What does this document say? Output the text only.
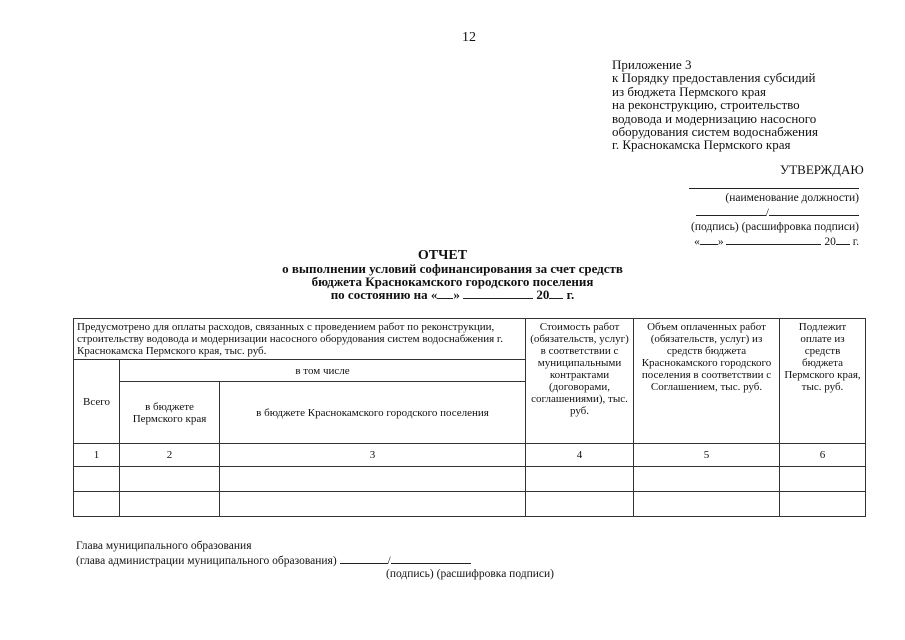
12
Приложение 3
к Порядку предоставления субсидий
из бюджета Пермского края
на реконструкцию, строительство
водовода и модернизацию насосного
оборудования систем водоснабжения
г. Краснокамска Пермского края
УТВЕРЖДАЮ
(наименование должности)
/
(подпись) (расшифровка подписи)
« »	20 г.
ОТЧЕТ
о выполнении условий софинансирования за счет средств
бюджета Краснокамского городского поселения
по состоянию на « »	20 г.
Предусмотрено для оплаты расходов, связанных с проведением работ по реконструкции, строительству водовода и модернизации насосного оборудования систем водоснабжения г. Краснокамска Пермского края, тыс. руб.			Стоимость работ (обязательств, услуг) в соответствии с муниципальными контрактами (договорами, соглашениями), тыс. руб.	Объем оплаченных работ (обязательств, услуг) из средств бюджета Краснокамского городского поселения в соответствии с Соглашением, тыс. руб.	Подлежит оплате из средств бюджета Пермского края, тыс. руб.
Всего	в том числе				
	в бюджете Пермского края	в бюджете Краснокамского городского поселения			
1	2	3	4	5	6

Глава муниципального образования
(глава администрации муниципального образования)	/
(подпись) (расшифровка подписи)
